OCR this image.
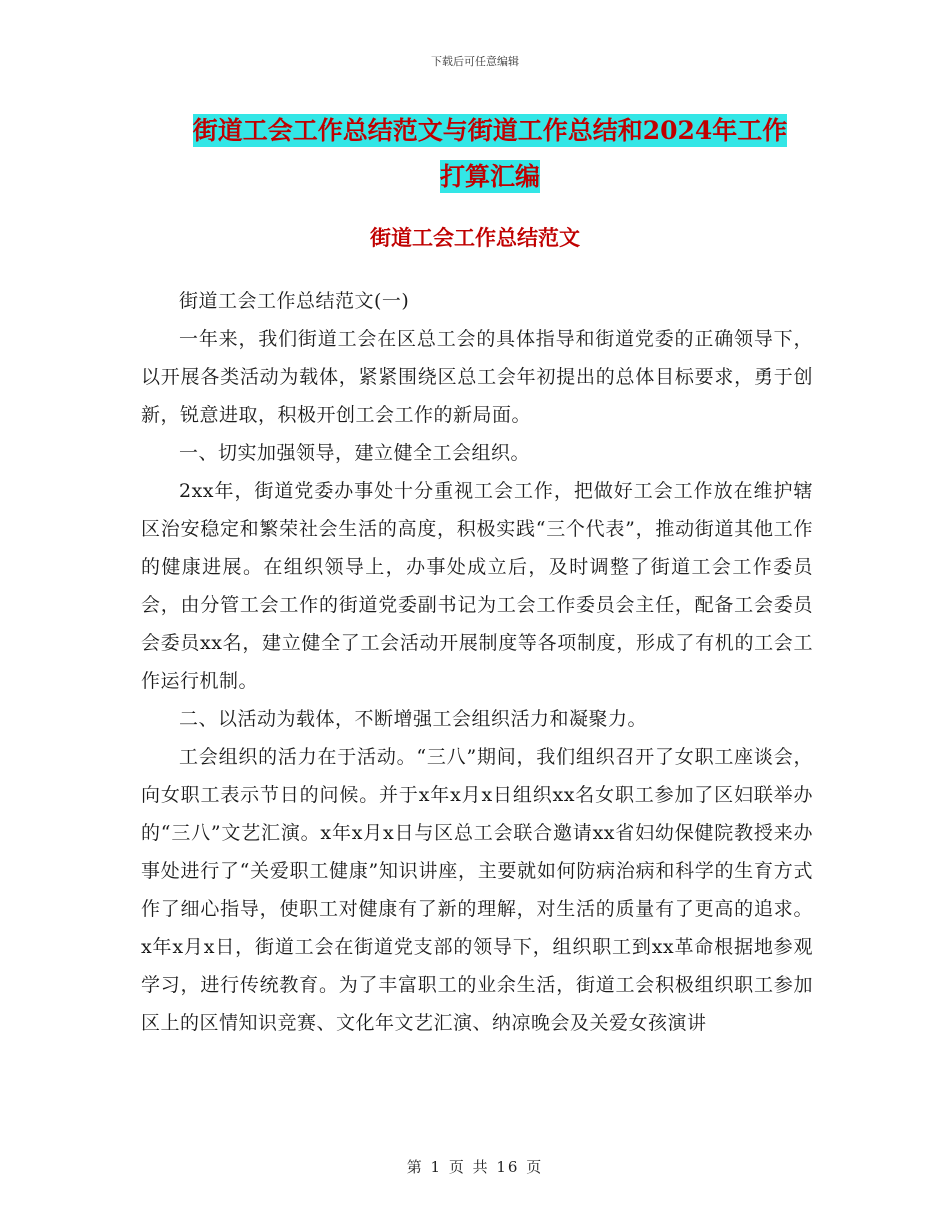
下载后可任意编辑
街道工会工作总结范文与街道工作总结和2024年工作
打算汇编
街道工会工作总结范文

街道工会工作总结范文(一)

一年来，我们街道工会在区总工会的具体指导和街道党委的正确领导下，以开展各类活动为载体，紧紧围绕区总工会年初提出的总体目标要求，勇于创新，锐意进取，积极开创工会工作的新局面。

一、切实加强领导，建立健全工会组织。

2xx年，街道党委办事处十分重视工会工作，把做好工会工作放在维护辖区治安稳定和繁荣社会生活的高度，积极实践“三个代表”，推动街道其他工作的健康进展。在组织领导上，办事处成立后，及时调整了街道工会工作委员会，由分管工会工作的街道党委副书记为工会工作委员会主任，配备工会委员会委员xx名，建立健全了工会活动开展制度等各项制度，形成了有机的工会工作运行机制。

二、以活动为载体，不断增强工会组织活力和凝聚力。

工会组织的活力在于活动。“三八”期间，我们组织召开了女职工座谈会，向女职工表示节日的问候。并于x年x月x日组织xx名女职工参加了区妇联举办的“三八”文艺汇演。x年x月x日与区总工会联合邀请xx省妇幼保健院教授来办事处进行了“关爱职工健康”知识讲座，主要就如何防病治病和科学的生育方式作了细心指导，使职工对健康有了新的理解，对生活的质量有了更高的追求。x年x月x日，街道工会在街道党支部的领导下，组织职工到xx革命根据地参观学习，进行传统教育。为了丰富职工的业余生活，街道工会积极组织职工参加区上的区情知识竞赛、文化年文艺汇演、纳凉晚会及关爱女孩演讲

第 1 页 共 16 页
